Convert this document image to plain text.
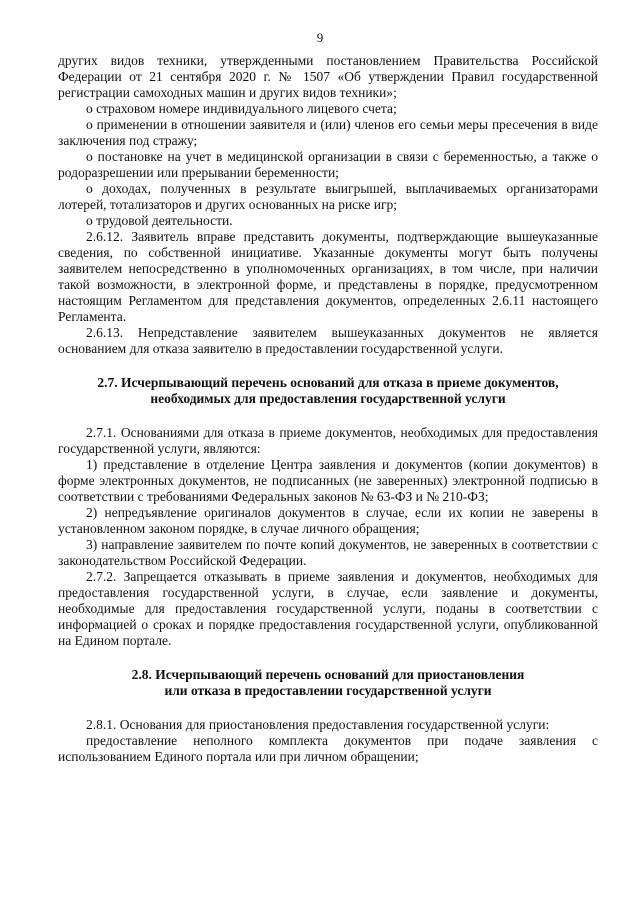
9

других видов техники, утвержденными постановлением Правительства Российской Федерации от 21 сентября 2020 г. № 1507 «Об утверждении Правил государственной регистрации самоходных машин и других видов техники»;

о страховом номере индивидуального лицевого счета;

о применении в отношении заявителя и (или) членов его семьи меры пресечения в виде заключения под стражу;

о постановке на учет в медицинской организации в связи с беременностью, а также о родоразрешении или прерывании беременности;

о доходах, полученных в результате выигрышей, выплачиваемых организаторами лотерей, тотализаторов и других основанных на риске игр;

о трудовой деятельности.

2.6.12. Заявитель вправе представить документы, подтверждающие вышеуказанные сведения, по собственной инициативе. Указанные документы могут быть получены заявителем непосредственно в уполномоченных организациях, в том числе, при наличии такой возможности, в электронной форме, и представлены в порядке, предусмотренном настоящим Регламентом для представления документов, определенных 2.6.11 настоящего Регламента.

2.6.13. Непредставление заявителем вышеуказанных документов не является основанием для отказа заявителю в предоставлении государственной услуги.

2.7. Исчерпывающий перечень оснований для отказа в приеме документов,
необходимых для предоставления государственной услуги

2.7.1. Основаниями для отказа в приеме документов, необходимых для предоставления государственной услуги, являются:

1) представление в отделение Центра заявления и документов (копии документов) в форме электронных документов, не подписанных (не заверенных) электронной подписью в соответствии с требованиями Федеральных законов № 63-ФЗ и № 210-ФЗ;

2) непредъявление оригиналов документов в случае, если их копии не заверены в установленном законом порядке, в случае личного обращения;

3) направление заявителем по почте копий документов, не заверенных в соответствии с законодательством Российской Федерации.

2.7.2. Запрещается отказывать в приеме заявления и документов, необходимых для предоставления государственной услуги, в случае, если заявление и документы, необходимые для предоставления государственной услуги, поданы в соответствии с информацией о сроках и порядке предоставления государственной услуги, опубликованной на Едином портале.

2.8. Исчерпывающий перечень оснований для приостановления
или отказа в предоставлении государственной услуги

2.8.1. Основания для приостановления предоставления государственной услуги:

предоставление неполного комплекта документов при подаче заявления с использованием Единого портала или при личном обращении;
